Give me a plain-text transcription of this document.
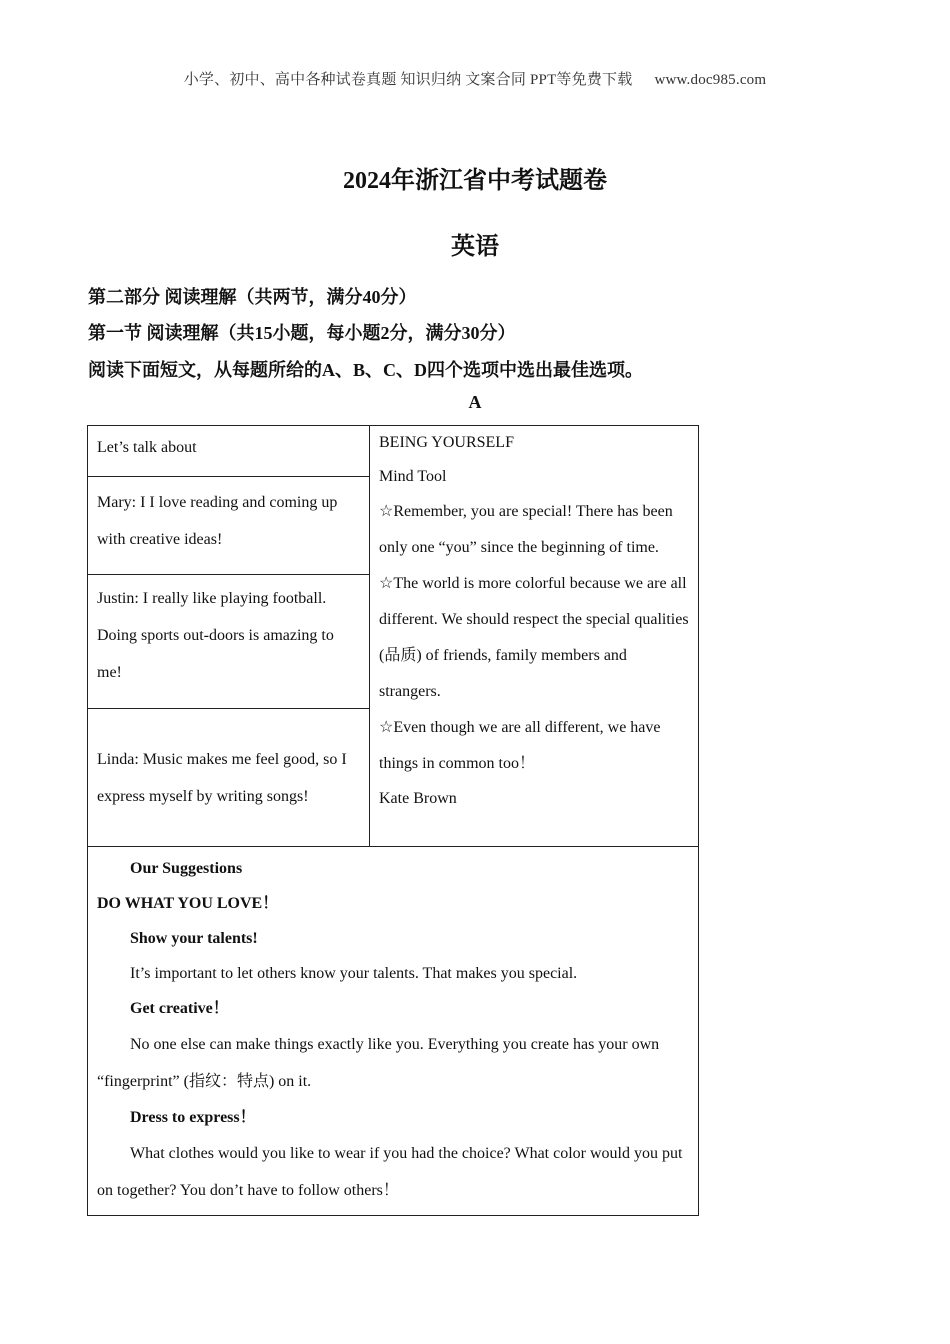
小学、初中、高中各种试卷真题 知识归纳 文案合同 PPT等免费下载 www.doc985.com
2024年浙江省中考试题卷
英语
第二部分 阅读理解（共两节，满分40分）
第一节 阅读理解（共15小题，每小题2分，满分30分）
阅读下面短文，从每题所给的A、B、C、D四个选项中选出最佳选项。
A
Let’s talk about	BEING YOURSELF
Mind Tool
☆Remember, you are special! There has been only one “you” since the beginning of time.
☆The world is more colorful because we are all different. We should respect the special qualities (品质) of friends, family members and strangers.
☆Even though we are all different, we have things in common too！
Kate Brown

Mary: I I love reading and coming up with creative ideas!
Justin: I really like playing football. Doing sports out-doors is amazing to me!
Linda: Music makes me feel good, so I express myself by writing songs!

Our Suggestions

DO WHAT YOU LOVE！

Show your talents!

It’s important to let others know your talents. That makes you special.

Get creative！

No one else can make things exactly like you. Everything you create has your own “fingerprint” (指纹：特点) on it.

Dress to express！

What clothes would you like to wear if you had the choice? What color would you put on together? You don’t have to follow others！
